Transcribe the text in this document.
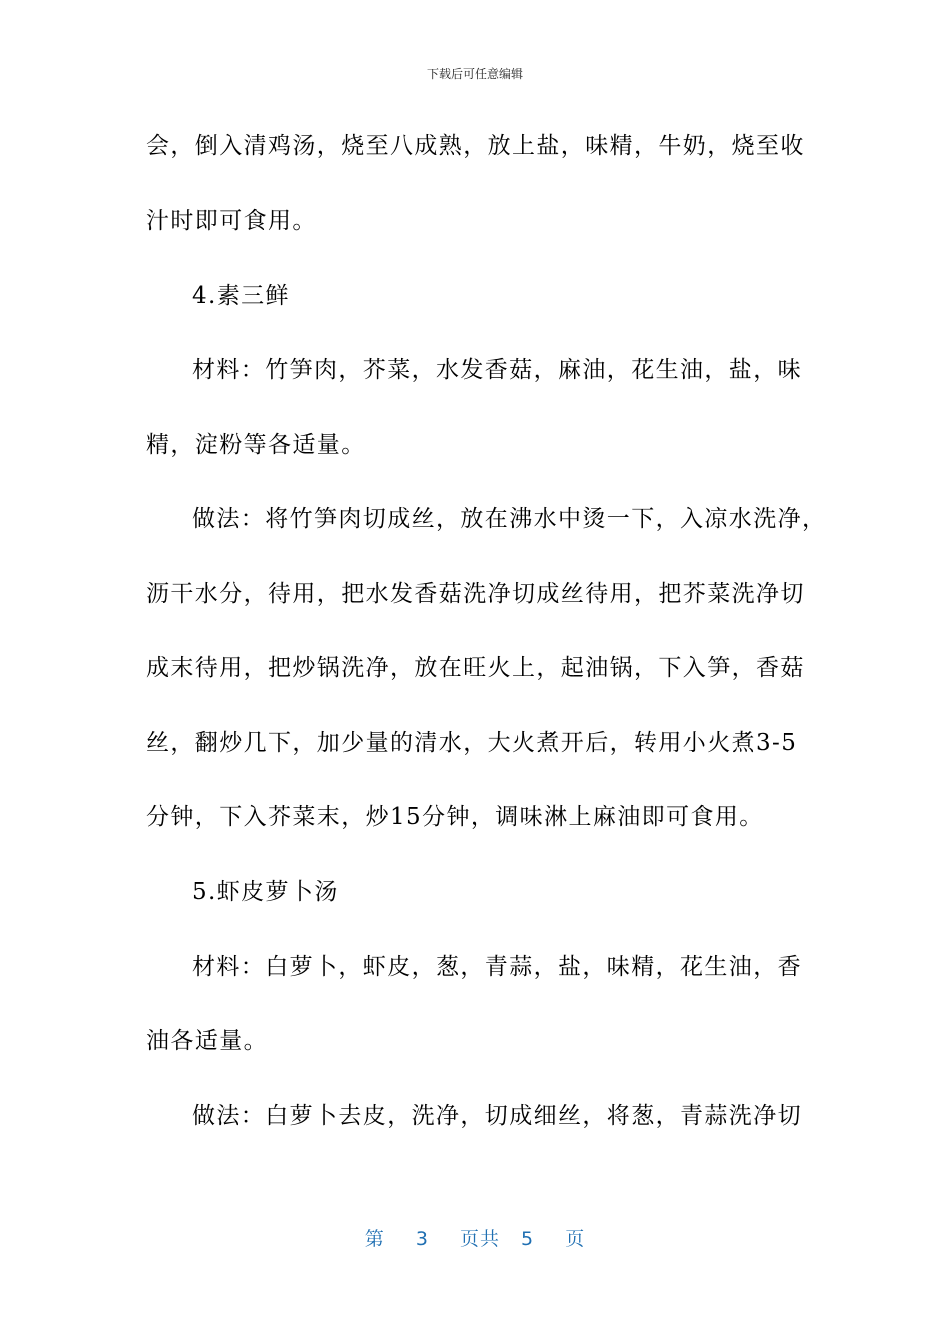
下载后可任意编辑
会，倒入清鸡汤，烧至八成熟，放上盐，味精，牛奶，烧至收
汁时即可食用。
4.素三鲜
材料：竹笋肉，芥菜，水发香菇，麻油，花生油，盐，味
精，淀粉等各适量。
做法：将竹笋肉切成丝，放在沸水中烫一下，入凉水洗净，
沥干水分，待用，把水发香菇洗净切成丝待用，把芥菜洗净切
成末待用，把炒锅洗净，放在旺火上，起油锅，下入笋，香菇
丝，翻炒几下，加少量的清水，大火煮开后，转用小火煮3-5
分钟，下入芥菜末，炒15分钟，调味淋上麻油即可食用。
5.虾皮萝卜汤
材料：白萝卜，虾皮，葱，青蒜，盐，味精，花生油，香
油各适量。
做法：白萝卜去皮，洗净，切成细丝，将葱，青蒜洗净切
第 3 页共 5 页
